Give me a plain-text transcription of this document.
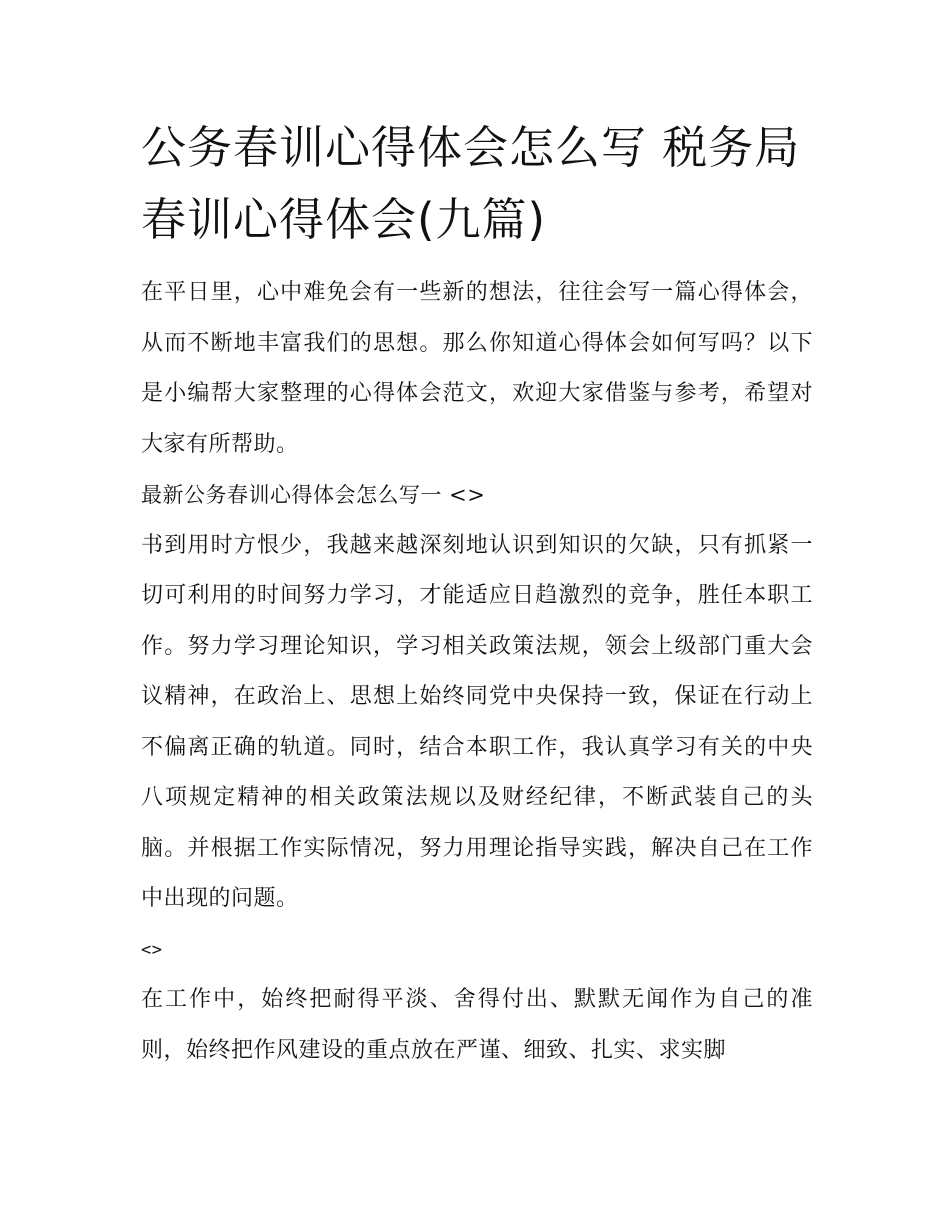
公务春训心得体会怎么写 税务局春训心得体会(九篇)

在平日里，心中难免会有一些新的想法，往往会写一篇心得体会，从而不断地丰富我们的思想。那么你知道心得体会如何写吗？以下是小编帮大家整理的心得体会范文，欢迎大家借鉴与参考，希望对大家有所帮助。

最新公务春训心得体会怎么写一 <>

书到用时方恨少，我越来越深刻地认识到知识的欠缺，只有抓紧一切可利用的时间努力学习，才能适应日趋激烈的竞争，胜任本职工作。努力学习理论知识，学习相关政策法规，领会上级部门重大会议精神，在政治上、思想上始终同党中央保持一致，保证在行动上不偏离正确的轨道。同时，结合本职工作，我认真学习有关的中央八项规定精神的相关政策法规以及财经纪律，不断武装自己的头脑。并根据工作实际情况，努力用理论指导实践，解决自己在工作中出现的问题。

<>

在工作中，始终把耐得平淡、舍得付出、默默无闻作为自己的准则，始终把作风建设的重点放在严谨、细致、扎实、求实脚
